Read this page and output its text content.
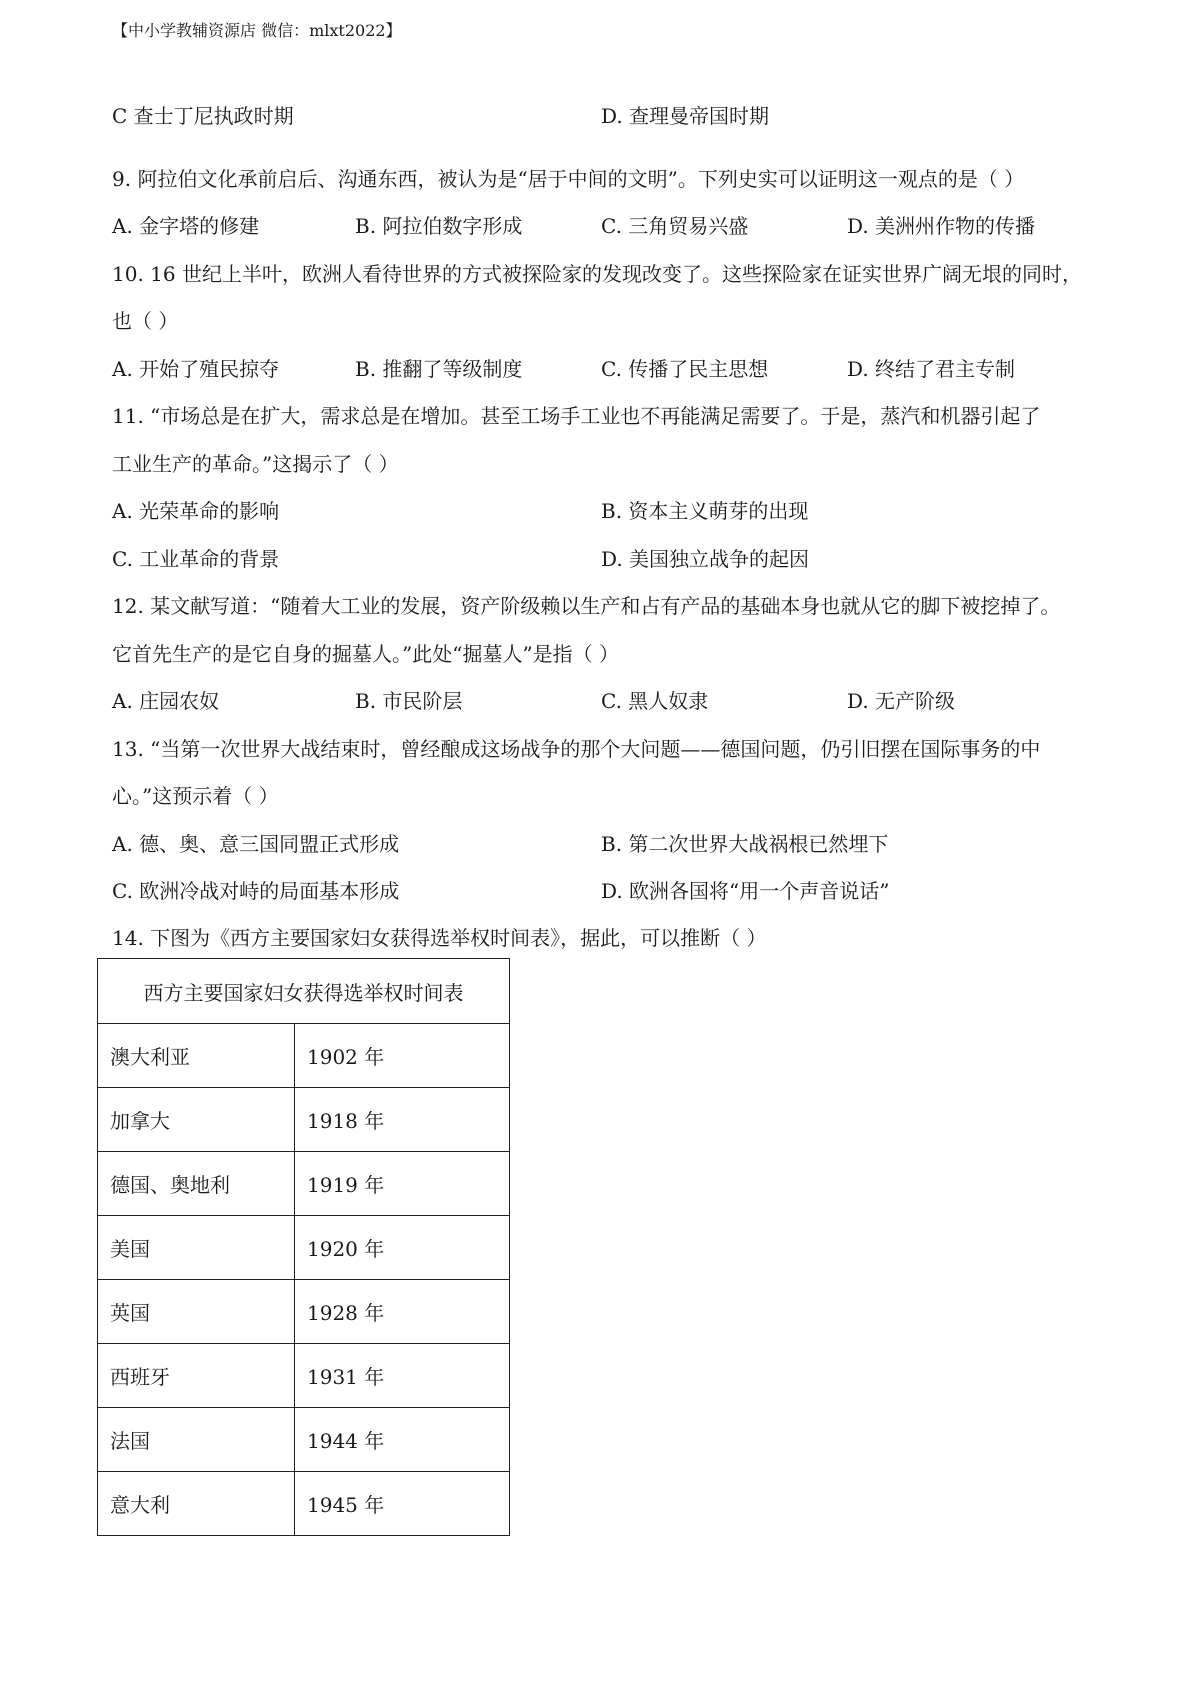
【中小学教辅资源店 微信：mlxt2022】
C 查士丁尼执政时期	D. 查理曼帝国时期
9. 阿拉伯文化承前启后、沟通东西，被认为是“居于中间的文明”。下列史实可以证明这一观点的是（ ）
A. 金字塔的修建	B. 阿拉伯数字形成	C. 三角贸易兴盛	D. 美洲州作物的传播
10. 16 世纪上半叶，欧洲人看待世界的方式被探险家的发现改变了。这些探险家在证实世界广阔无垠的同时，
也（ ）
A. 开始了殖民掠夺	B. 推翻了等级制度	C. 传播了民主思想	D. 终结了君主专制
11. “市场总是在扩大，需求总是在增加。甚至工场手工业也不再能满足需要了。于是，蒸汽和机器引起了
工业生产的革命。”这揭示了（ ）
A. 光荣革命的影响	B. 资本主义萌芽的出现
C. 工业革命的背景	D. 美国独立战争的起因
12. 某文献写道：“随着大工业的发展，资产阶级赖以生产和占有产品的基础本身也就从它的脚下被挖掉了。
它首先生产的是它自身的掘墓人。”此处“掘墓人”是指（ ）
A. 庄园农奴	B. 市民阶层	C. 黑人奴隶	D. 无产阶级
13. “当第一次世界大战结束时，曾经酿成这场战争的那个大问题——德国问题，仍引旧摆在国际事务的中
心。”这预示着（ ）
A. 德、奥、意三国同盟正式形成	B. 第二次世界大战祸根已然埋下
C. 欧洲冷战对峙的局面基本形成	D. 欧洲各国将“用一个声音说话”
14. 下图为《西方主要国家妇女获得选举权时间表》，据此，可以推断（ ）
西方主要国家妇女获得选举权时间表	
澳大利亚	1902 年
加拿大	1918 年
德国、奥地利	1919 年
美国	1920 年
英国	1928 年
西班牙	1931 年
法国	1944 年
意大利	1945 年
